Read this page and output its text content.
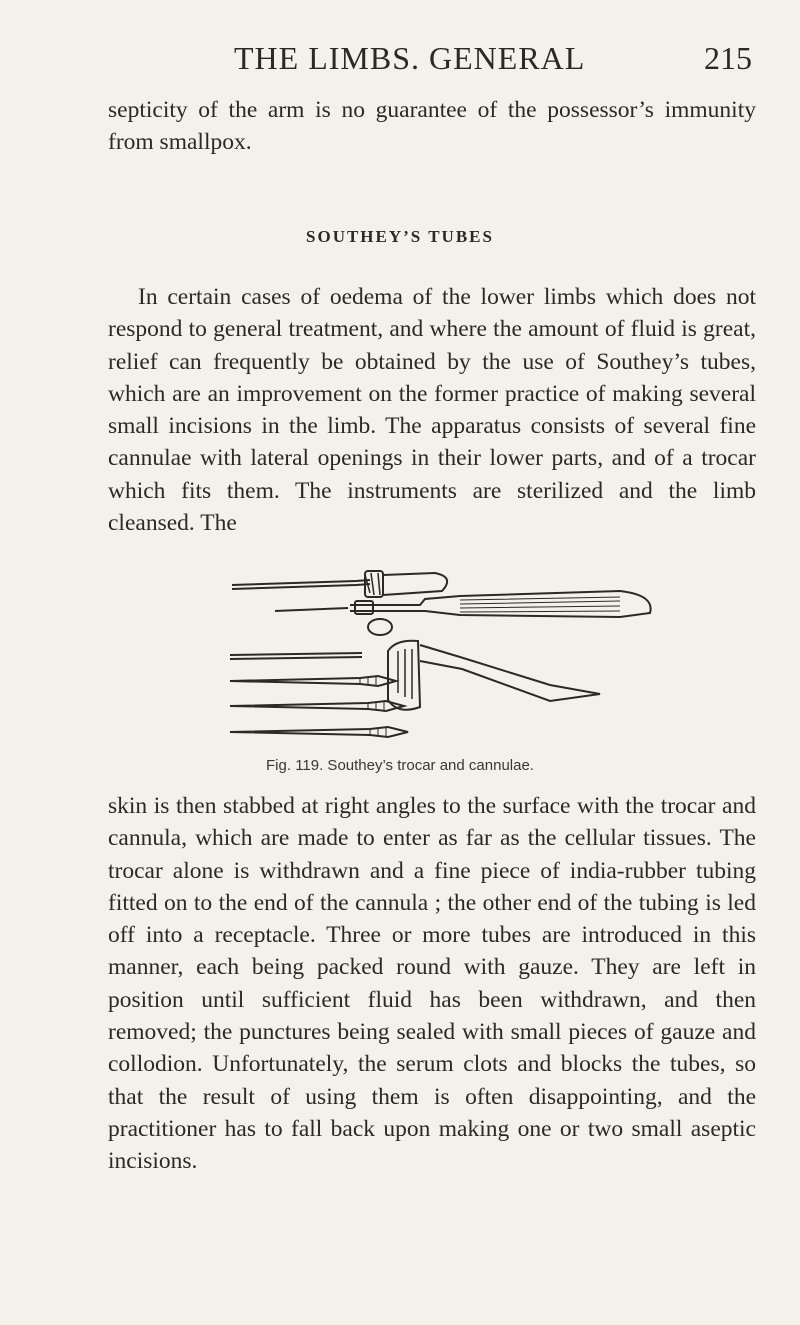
THE LIMBS. GENERAL	215

septicity of the arm is no guarantee of the possessor’s immunity from smallpox.

SOUTHEY’S TUBES

In certain cases of oedema of the lower limbs which does not respond to general treatment, and where the amount of fluid is great, relief can frequently be obtained by the use of Southey’s tubes, which are an improvement on the former practice of making several small incisions in the limb. The apparatus consists of several fine cannulae with lateral openings in their lower parts, and of a trocar which fits them. The instruments are sterilized and the limb cleansed. The

Fig. 119. Southey’s trocar and cannulae.

skin is then stabbed at right angles to the surface with the trocar and cannula, which are made to enter as far as the cellular tissues. The trocar alone is withdrawn and a fine piece of india-rubber tubing fitted on to the end of the cannula ; the other end of the tubing is led off into a receptacle. Three or more tubes are introduced in this manner, each being packed round with gauze. They are left in position until sufficient fluid has been withdrawn, and then removed; the punctures being sealed with small pieces of gauze and collodion. Unfortunately, the serum clots and blocks the tubes, so that the result of using them is often disappointing, and the practitioner has to fall back upon making one or two small aseptic incisions.
